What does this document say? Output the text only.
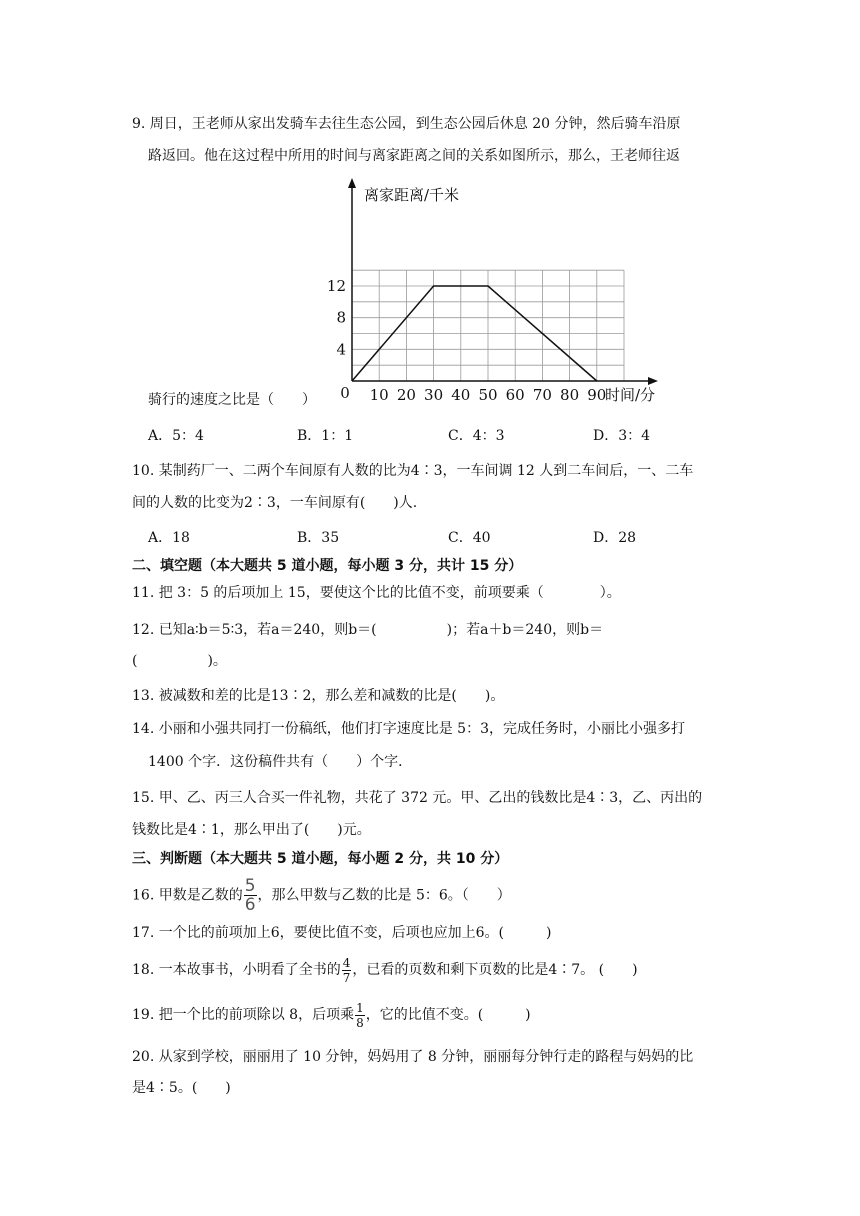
9. 周日，王老师从家出发骑车去往生态公园，到生态公园后休息 20 分钟，然后骑车沿原
路返回。他在这过程中所用的时间与离家距离之间的关系如图所示，那么，王老师往返
离家距离/千米
时间/分
0 10 20 30 40 50 60 70 80 90
4
8
12
骑行的速度之比是（　　）
A．5：4	B．1：1	C．4：3	D．3：4
10. 某制药厂一、二两个车间原有人数的比为4∶3，一车间调 12 人到二车间后，一、二车
间的人数的比变为2∶3，一车间原有(　　)人.
A．18	B．35	C．40	D．28
二、填空题（本大题共 5 道小题，每小题 3 分，共计 15 分）
11. 把 3：5 的后项加上 15，要使这个比的比值不变，前项要乘（　　　　）。
12. 已知a∶b＝5∶3，若a＝240，则b＝(　　　　　)；若a＋b＝240，则b＝
(　　　　　)。
13. 被减数和差的比是13∶2，那么差和减数的比是(　　)。
14. 小丽和小强共同打一份稿纸，他们打字速度比是 5：3，完成任务时，小丽比小强多打
1400 个字．这份稿件共有（　　）个字．
15. 甲、乙、丙三人合买一件礼物，共花了 372 元。甲、乙出的钱数比是4∶3，乙、丙出的
钱数比是4∶1，那么甲出了(　　)元。
三、判断题（本大题共 5 道小题，每小题 2 分，共 10 分）
16. 甲数是乙数的 $\frac{5}{6}$ ，那么甲数与乙数的比是 5：6。（　　）
17. 一个比的前项加上6，要使比值不变，后项也应加上6。(　　　)
18. 一本故事书，小明看了全书的 $\frac{4}{7}$ ，已看的页数和剩下页数的比是4∶7。 (　　)
19. 把一个比的前项除以 8，后项乘 $\frac{1}{8}$ ，它的比值不变。(　　　)
20. 从家到学校，丽丽用了 10 分钟，妈妈用了 8 分钟，丽丽每分钟行走的路程与妈妈的比
是4∶5。(　　)
